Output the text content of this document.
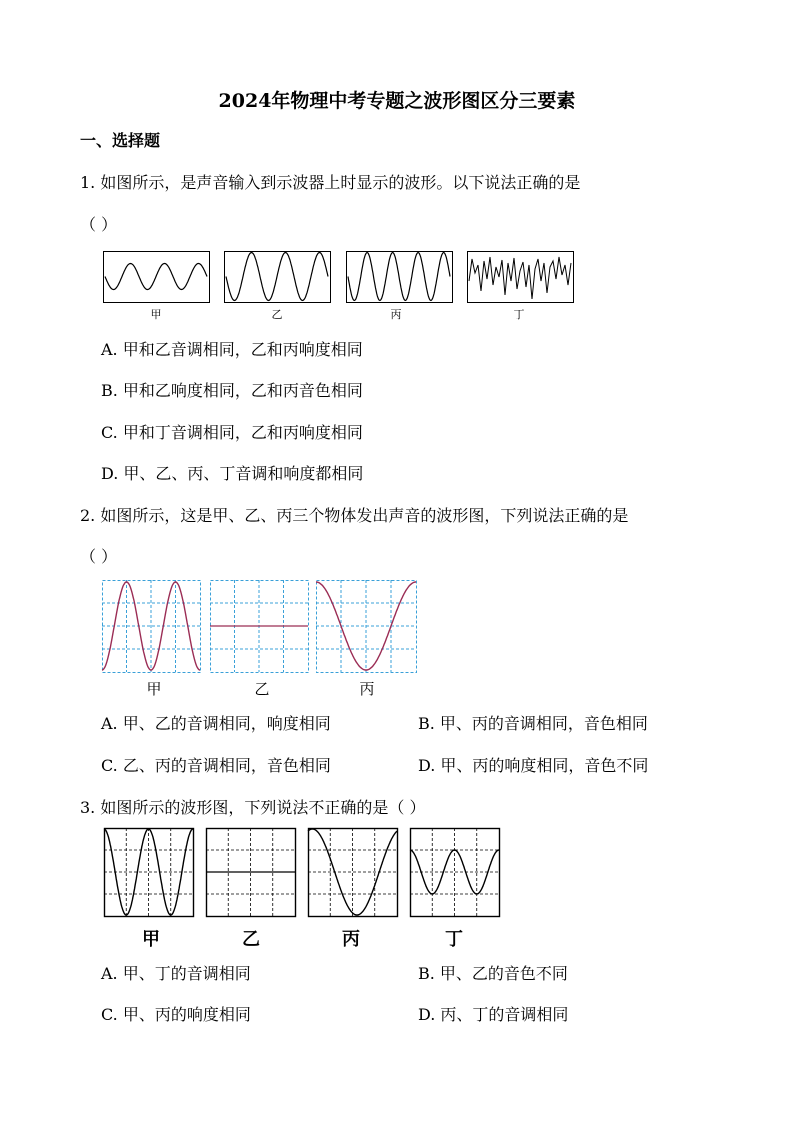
2024年物理中考专题之波形图区分三要素
一、选择题
1. 如图所示，是声音输入到示波器上时显示的波形。以下说法正确的是
（ ）
甲	乙	丙	丁
A. 甲和乙音调相同，乙和丙响度相同
B. 甲和乙响度相同，乙和丙音色相同
C. 甲和丁音调相同，乙和丙响度相同
D. 甲、乙、丙、丁音调和响度都相同
2. 如图所示，这是甲、乙、丙三个物体发出声音的波形图，下列说法正确的是
（ ）
甲	乙	丙
A. 甲、乙的音调相同，响度相同	B. 甲、丙的音调相同，音色相同
C. 乙、丙的音调相同，音色相同	D. 甲、丙的响度相同，音色不同
3. 如图所示的波形图，下列说法不正确的是（ ）
甲	乙	丙	丁
A. 甲、丁的音调相同	B. 甲、乙的音色不同
C. 甲、丙的响度相同	D. 丙、丁的音调相同
